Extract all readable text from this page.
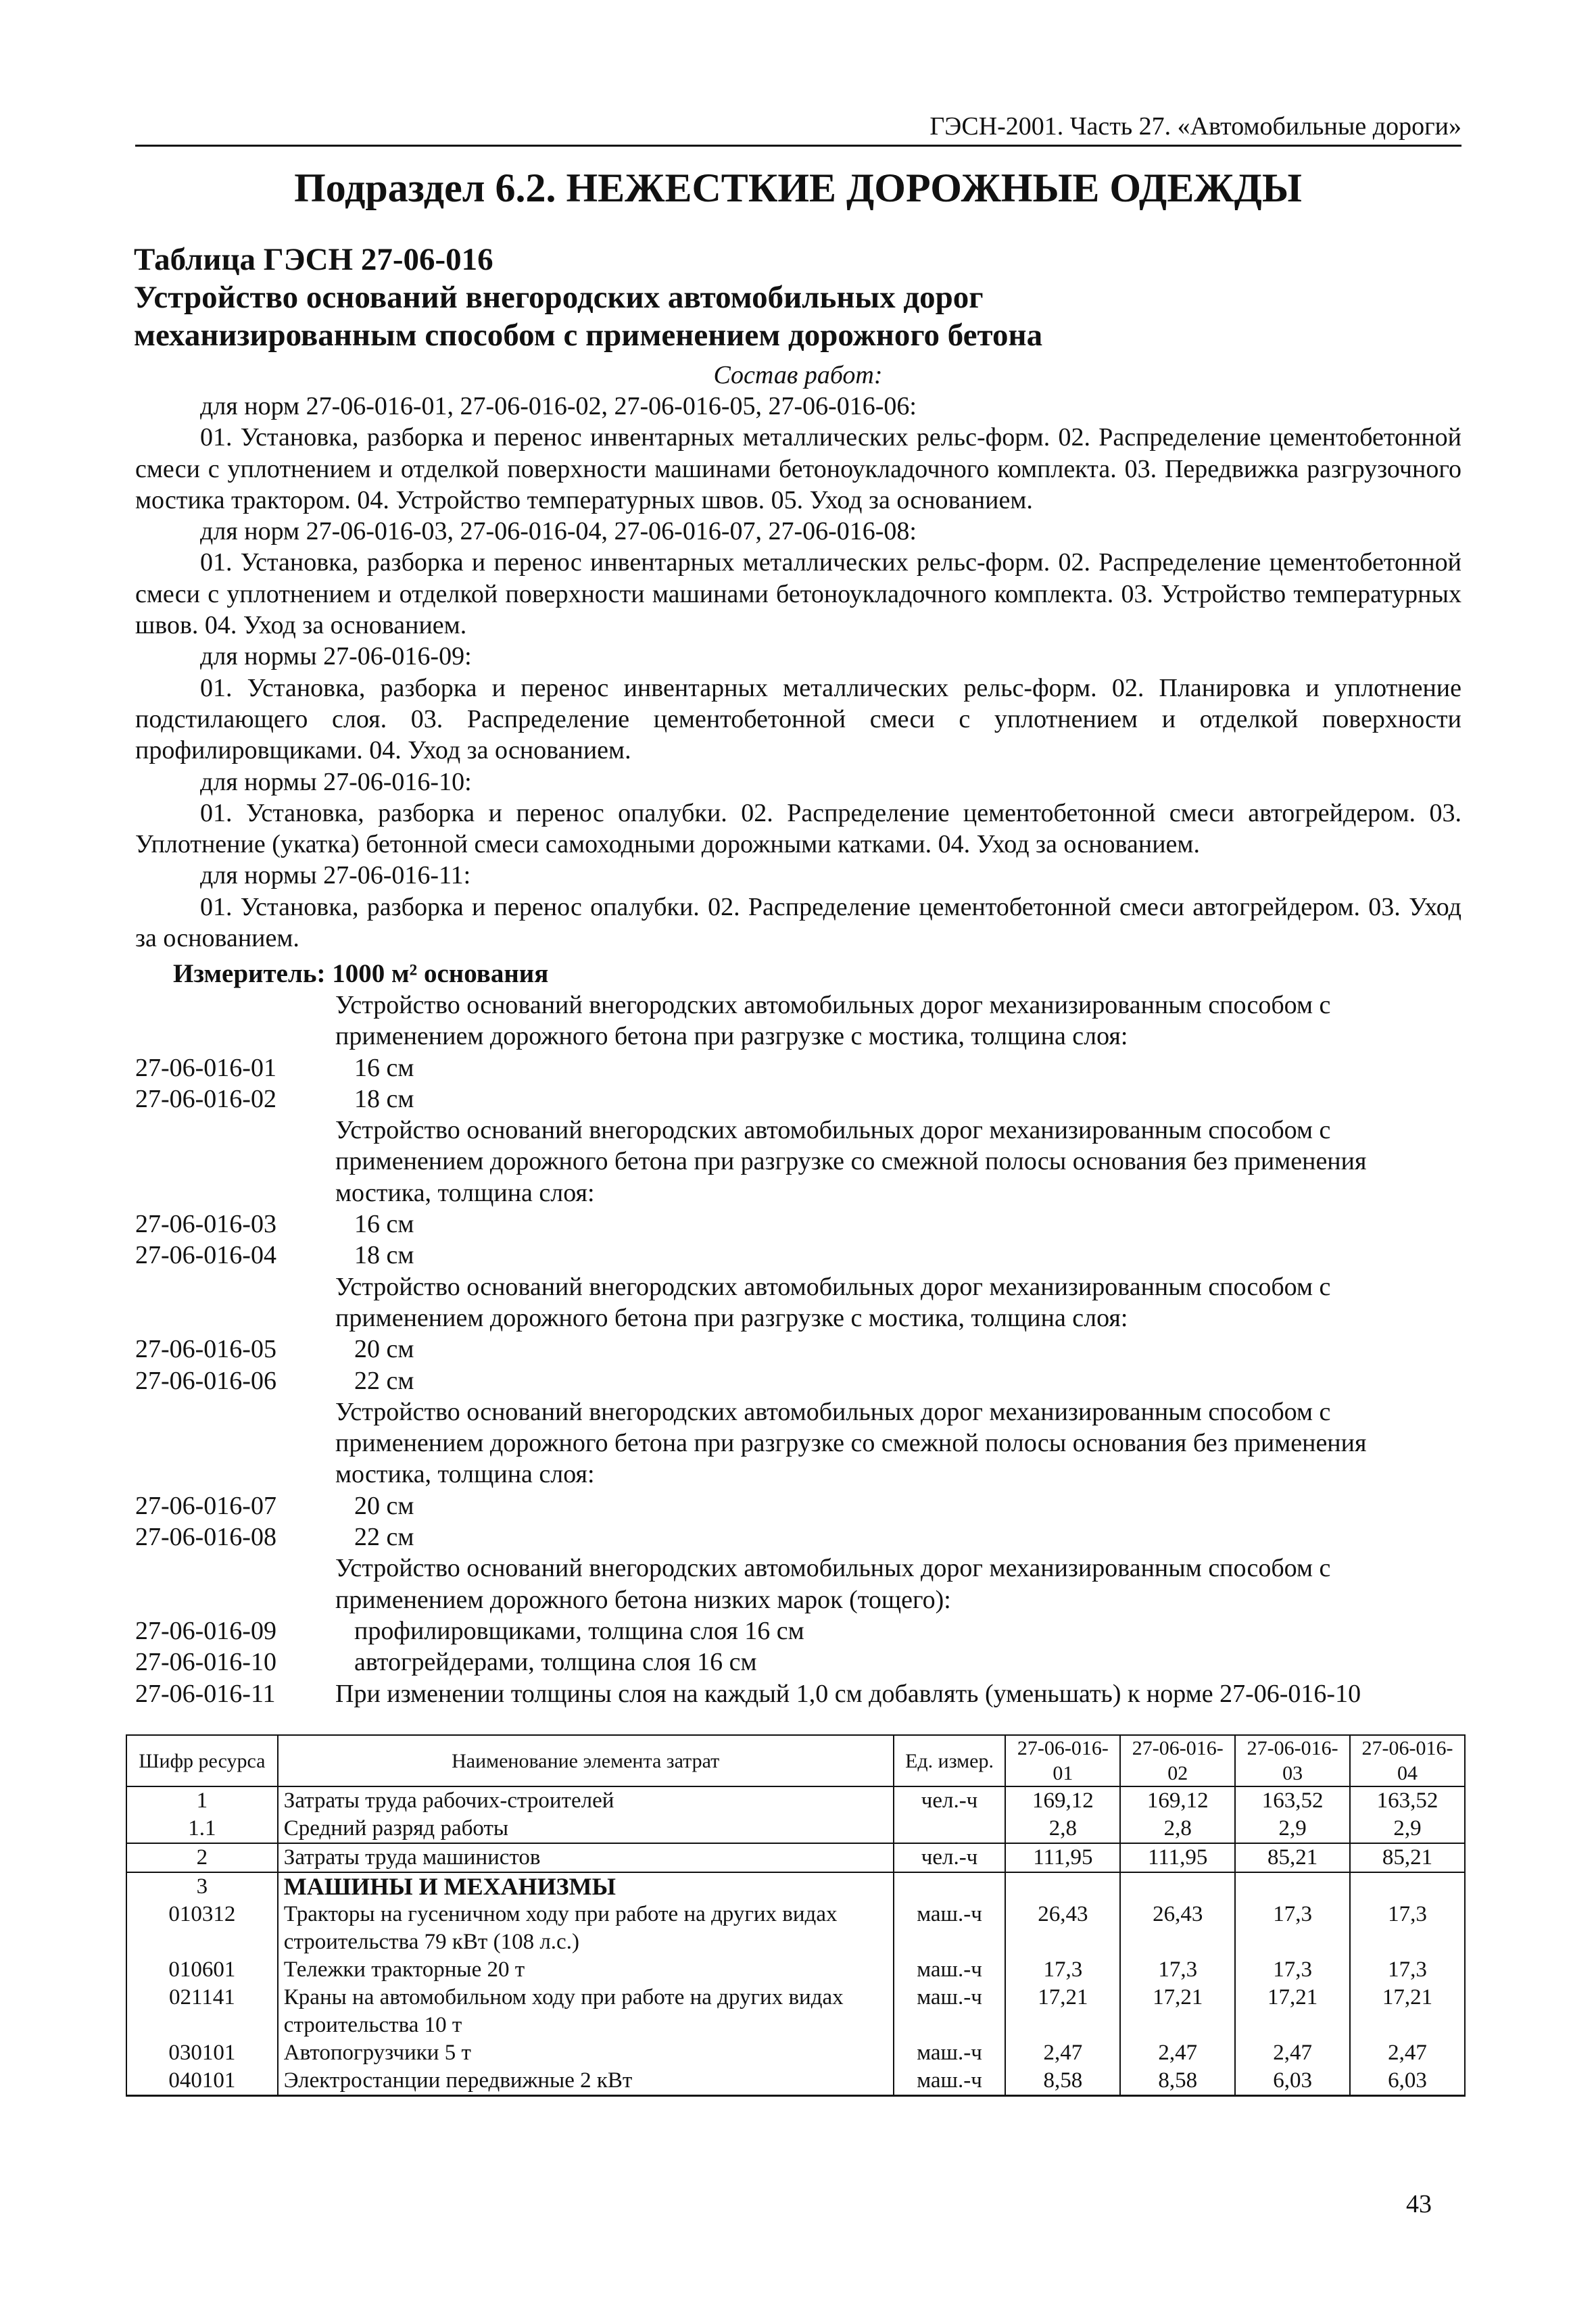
ГЭСН-2001. Часть 27. «Автомобильные дороги»
Подраздел 6.2. НЕЖЕСТКИЕ ДОРОЖНЫЕ ОДЕЖДЫ
Таблица ГЭСН 27-06-016 Устройство оснований внегородских автомобильных дорог механизированным способом с применением дорожного бетона
Состав работ:

для норм 27-06-016-01, 27-06-016-02, 27-06-016-05, 27-06-016-06:

01. Установка, разборка и перенос инвентарных металлических рельс-форм. 02. Распределение цементобетонной смеси с уплотнением и отделкой поверхности машинами бетоноукладочного комплекта. 03. Передвижка разгрузочного мостика трактором. 04. Устройство температурных швов. 05. Уход за основанием.

для норм 27-06-016-03, 27-06-016-04, 27-06-016-07, 27-06-016-08:

01. Установка, разборка и перенос инвентарных металлических рельс-форм. 02. Распределение цементобетонной смеси с уплотнением и отделкой поверхности машинами бетоноукладочного комплекта. 03. Устройство температурных швов. 04. Уход за основанием.

для нормы 27-06-016-09:

01. Установка, разборка и перенос инвентарных металлических рельс-форм. 02. Планировка и уплотнение подстилающего слоя. 03. Распределение цементобетонной смеси с уплотнением и отделкой поверхности профилировщиками. 04. Уход за основанием.

для нормы 27-06-016-10:

01. Установка, разборка и перенос опалубки. 02. Распределение цементобетонной смеси автогрейдером. 03. Уплотнение (укатка) бетонной смеси самоходными дорожными катками. 04. Уход за основанием.

для нормы 27-06-016-11:

01. Установка, разборка и перенос опалубки. 02. Распределение цементобетонной смеси автогрейдером. 03. Уход за основанием.

Измеритель: 1000 м² основания
Устройство оснований внегородских автомобильных дорог механизированным способом с применением дорожного бетона при разгрузке с мостика, толщина слоя:
27-06-016-01	16 см
27-06-016-02	18 см
Устройство оснований внегородских автомобильных дорог механизированным способом с применением дорожного бетона при разгрузке со смежной полосы основания без применения мостика, толщина слоя:
27-06-016-03	16 см
27-06-016-04	18 см
Устройство оснований внегородских автомобильных дорог механизированным способом с применением дорожного бетона при разгрузке с мостика, толщина слоя:
27-06-016-05	20 см
27-06-016-06	22 см
Устройство оснований внегородских автомобильных дорог механизированным способом с применением дорожного бетона при разгрузке со смежной полосы основания без применения мостика, толщина слоя:
27-06-016-07	20 см
27-06-016-08	22 см
Устройство оснований внегородских автомобильных дорог механизированным способом с применением дорожного бетона низких марок (тощего):
27-06-016-09	профилировщиками, толщина слоя 16 см
27-06-016-10	автогрейдерами, толщина слоя 16 см
27-06-016-11	При изменении толщины слоя на каждый 1,0 см добавлять (уменьшать) к норме 27-06-016-10
Шифр ресурса	Наименование элемента затрат	Ед. измер.	27-06-016-01	27-06-016-02	27-06-016-03	27-06-016-04
1	Затраты труда рабочих-строителей	чел.-ч	169,12	169,12	163,52	163,52
1.1	Средний разряд работы		2,8	2,8	2,9	2,9
2	Затраты труда машинистов	чел.-ч	111,95	111,95	85,21	85,21
3	МАШИНЫ И МЕХАНИЗМЫ					
010312	Тракторы на гусеничном ходу при работе на других видах строительства 79 кВт (108 л.с.)	маш.-ч	26,43	26,43	17,3	17,3
010601	Тележки тракторные 20 т	маш.-ч	17,3	17,3	17,3	17,3
021141	Краны на автомобильном ходу при работе на других видах строительства 10 т	маш.-ч	17,21	17,21	17,21	17,21
030101	Автопогрузчики 5 т	маш.-ч	2,47	2,47	2,47	2,47
040101	Электростанции передвижные 2 кВт	маш.-ч	8,58	8,58	6,03	6,03
43
